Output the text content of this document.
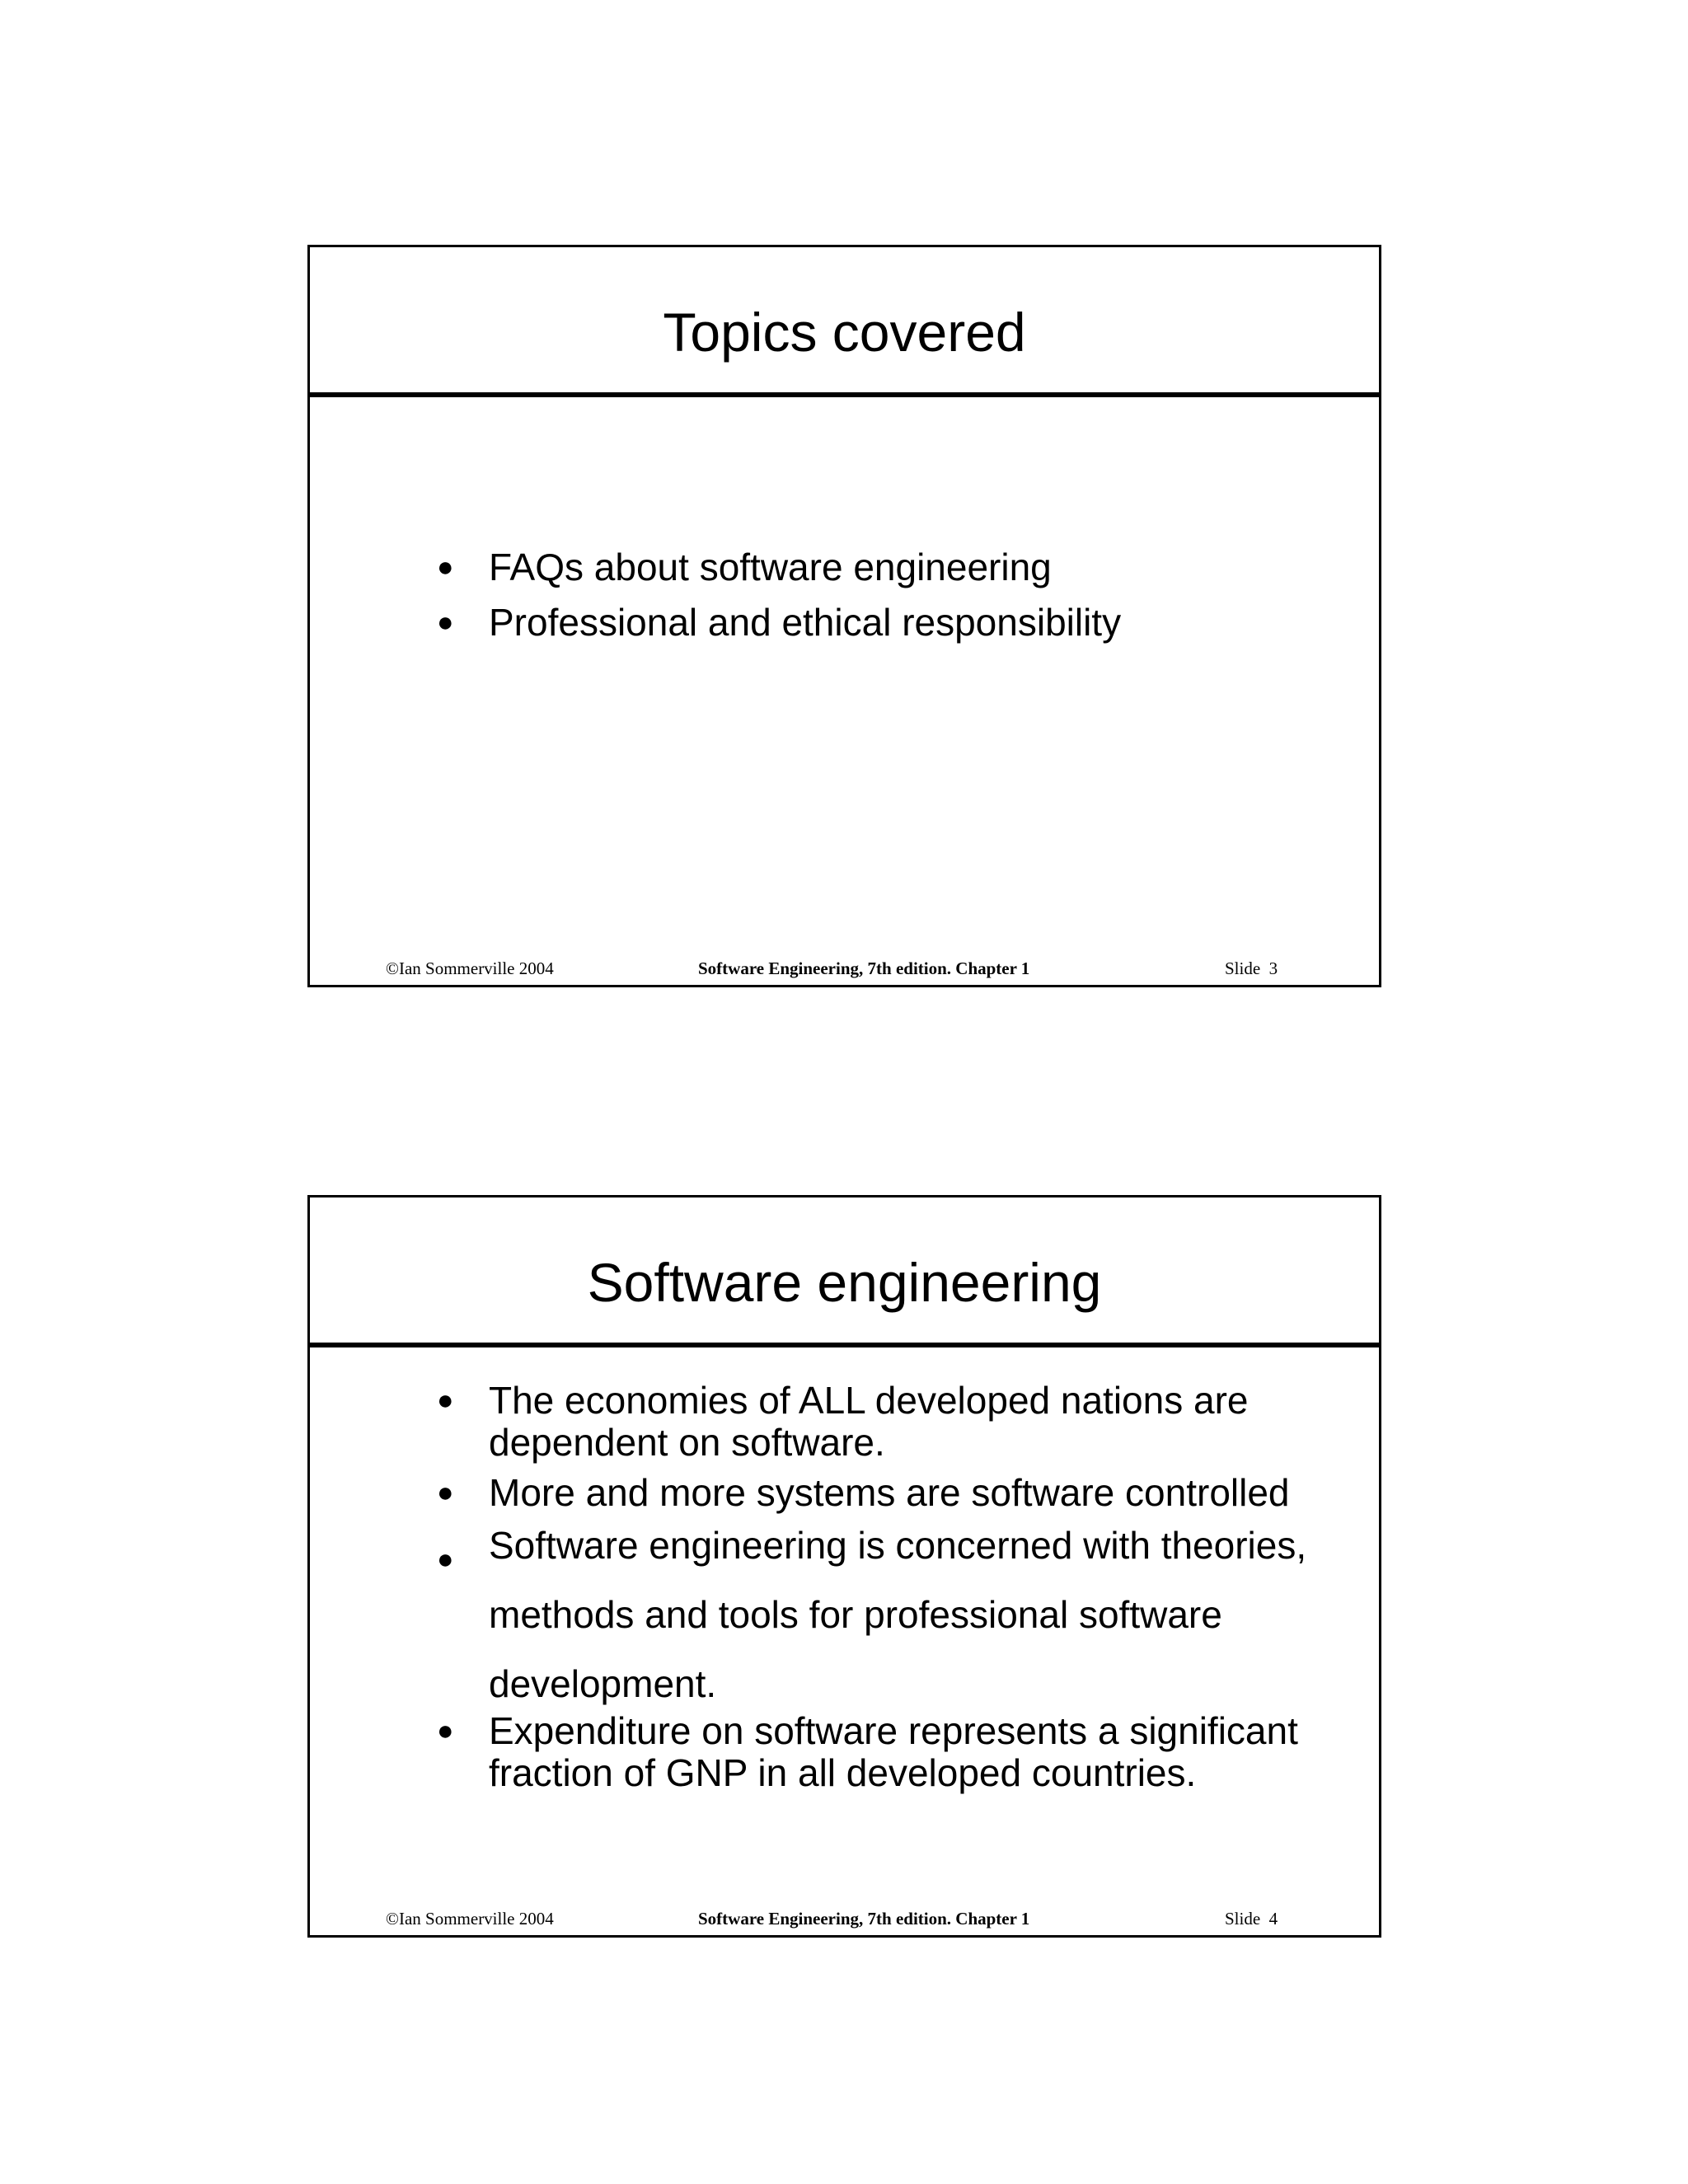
Topics covered
● FAQs about software engineering
● Professional and ethical responsibility
©Ian Sommerville 2004	Software Engineering, 7th edition. Chapter 1	Slide  3
Software engineering
● The economies of ALL developed nations are dependent on software.
● More and more systems are software controlled
● Software engineering is concerned with theories, methods and tools for professional software development.
● Expenditure on software represents a significant fraction of GNP in all developed countries.
©Ian Sommerville 2004	Software Engineering, 7th edition. Chapter 1	Slide  4
